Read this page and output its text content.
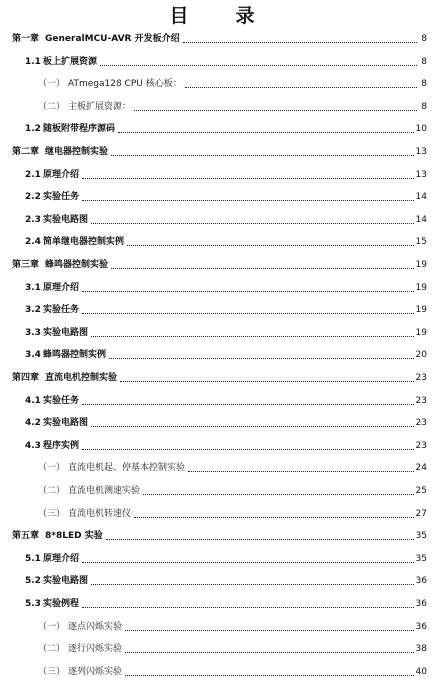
目　录
第一章 GeneralMCU-AVR 开发板介绍	8
1.1 板上扩展资源	8
（一） ATmega128 CPU 核心板：	8
（二） 主板扩展资源：	8
1.2 随板附带程序源码	10
第二章 继电器控制实验	13
2.1 原理介绍	13
2.2 实验任务	14
2.3 实验电路图	14
2.4 简单继电器控制实例	15
第三章 蜂鸣器控制实验	19
3.1 原理介绍	19
3.2 实验任务	19
3.3 实验电路图	19
3.4 蜂鸣器控制实例	20
第四章 直流电机控制实验	23
4.1 实验任务	23
4.2 实验电路图	23
4.3 程序实例	23
（一） 直流电机起、停基本控制实验	24
（二） 直流电机测速实验	25
（三） 直流电机转速仪	27
第五章 8*8LED 实验	35
5.1 原理介绍	35
5.2 实验电路图	36
5.3 实验例程	36
（一） 逐点闪烁实验	36
（二） 逐行闪烁实验	38
（三） 逐列闪烁实验	40
